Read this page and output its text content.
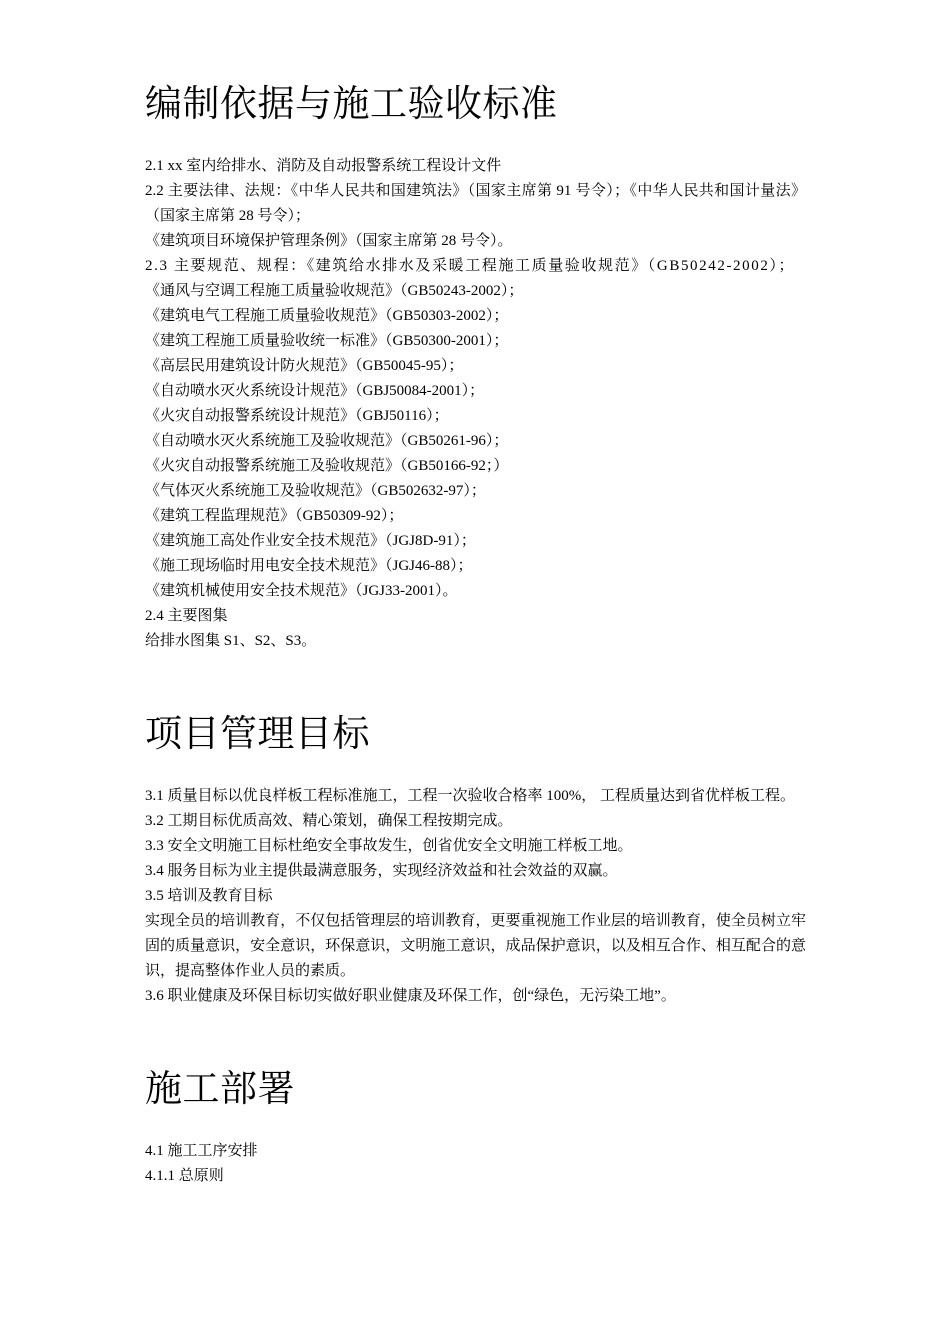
编制依据与施工验收标准

2.1 xx 室内给排水、消防及自动报警系统工程设计文件

2.2 主要法律、法规：《中华人民共和国建筑法》（国家主席第 91 号令）；《中华人民共和国计量法》（国家主席第 28 号令）；

《建筑项目环境保护管理条例》（国家主席第 28 号令）。

2.3 主要规范、规程：《建筑给水排水及采暖工程施工质量验收规范》（GB50242-2002）；

《通风与空调工程施工质量验收规范》（GB50243-2002）；

《建筑电气工程施工质量验收规范》（GB50303-2002）；

《建筑工程施工质量验收统一标准》（GB50300-2001）；

《高层民用建筑设计防火规范》（GB50045-95）；

《自动喷水灭火系统设计规范》（GBJ50084-2001）；

《火灾自动报警系统设计规范》（GBJ50116）；

《自动喷水灭火系统施工及验收规范》（GB50261-96）；

《火灾自动报警系统施工及验收规范》（GB50166-92；）

《气体灭火系统施工及验收规范》（GB502632-97）；

《建筑工程监理规范》（GB50309-92）；

《建筑施工高处作业安全技术规范》（JGJ8D-91）；

《施工现场临时用电安全技术规范》（JGJ46-88）；

《建筑机械使用安全技术规范》（JGJ33-2001）。

2.4 主要图集

给排水图集 S1、S2、S3。

项目管理目标

3.1 质量目标以优良样板工程标准施工，工程一次验收合格率 100%， 工程质量达到省优样板工程。

3.2 工期目标优质高效、精心策划，确保工程按期完成。

3.3 安全文明施工目标杜绝安全事故发生，创省优安全文明施工样板工地。

3.4 服务目标为业主提供最满意服务，实现经济效益和社会效益的双赢。

3.5 培训及教育目标

实现全员的培训教育，不仅包括管理层的培训教育，更要重视施工作业层的培训教育，使全员树立牢固的质量意识，安全意识，环保意识，文明施工意识，成品保护意识，以及相互合作、相互配合的意识，提高整体作业人员的素质。

3.6 职业健康及环保目标切实做好职业健康及环保工作，创“绿色，无污染工地”。

施工部署

4.1 施工工序安排

4.1.1 总原则
